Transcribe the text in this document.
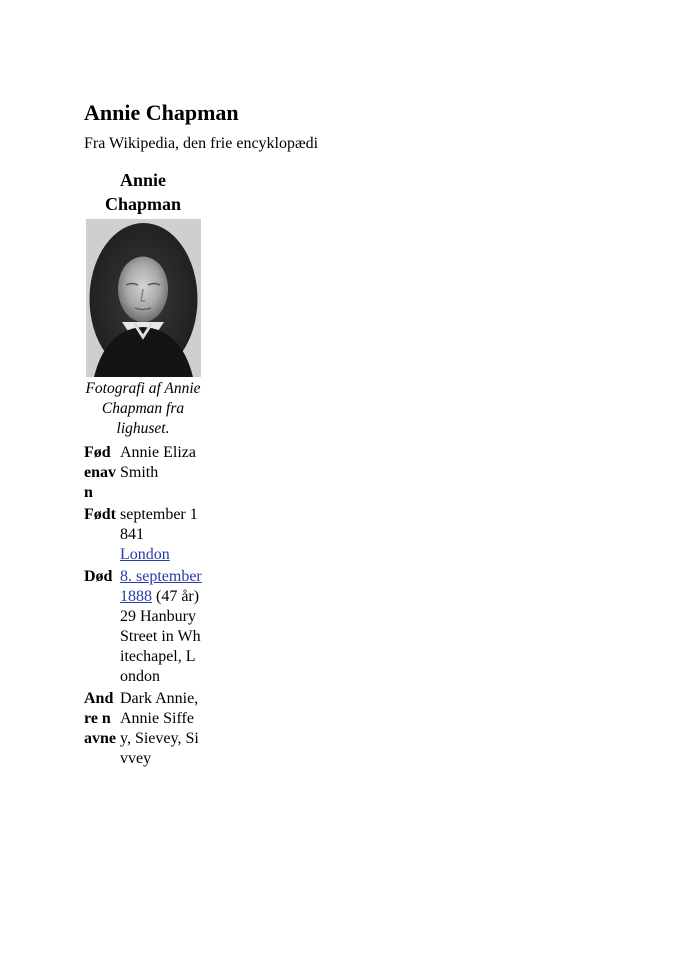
Annie Chapman

Fra Wikipedia, den frie encyklopædi

Annie Chapman
Fotografi af Annie Chapman fra lighuset.
Fødenavn	Annie Eliza Smith
Født	september 1841
London
Død	8. september 1888 (47 år)
29 Hanbury Street in Whitechapel, London
Andre navne	Dark Annie, Annie Siffey, Sievey, Sivvey
